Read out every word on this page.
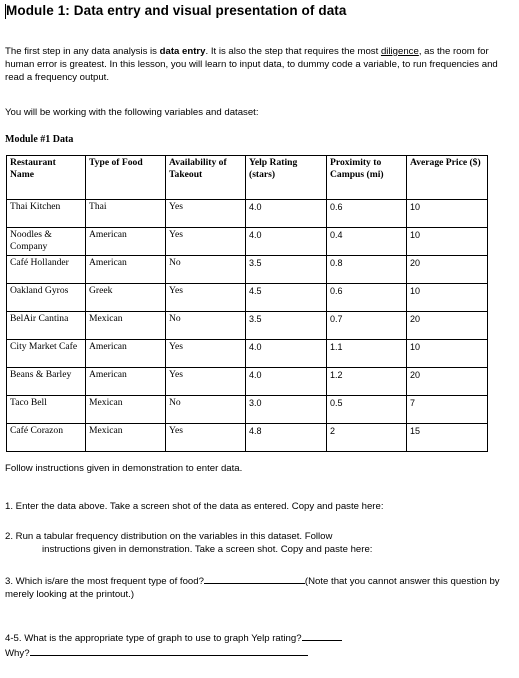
Module 1: Data entry and visual presentation of data
The first step in any data analysis is data entry. It is also the step that requires the most diligence, as the room for human error is greatest. In this lesson, you will learn to input data, to dummy code a variable, to run frequencies and read a frequency output.
You will be working with the following variables and dataset:
Module #1 Data
Restaurant Name	Type of Food	Availability of Takeout	Yelp Rating (stars)	Proximity to Campus (mi)	Average Price ($)
Thai Kitchen	Thai	Yes	4.0	0.6	10
Noodles & Company	American	Yes	4.0	0.4	10
Café Hollander	American	No	3.5	0.8	20
Oakland Gyros	Greek	Yes	4.5	0.6	10
BelAir Cantina	Mexican	No	3.5	0.7	20
City Market Cafe	American	Yes	4.0	1.1	10
Beans & Barley	American	Yes	4.0	1.2	20
Taco Bell	Mexican	No	3.0	0.5	7
Café Corazon	Mexican	Yes	4.8	2	15
Follow instructions given in demonstration to enter data.
1. Enter the data above. Take a screen shot of the data as entered. Copy and paste here:
2. Run a tabular frequency distribution on the variables in this dataset. Follow
instructions given in demonstration. Take a screen shot. Copy and paste here:
3. Which is/are the most frequent type of food?	(Note that you cannot answer this question by merely looking at the printout.)
4-5. What is the appropriate type of graph to use to graph Yelp rating?
Why?
